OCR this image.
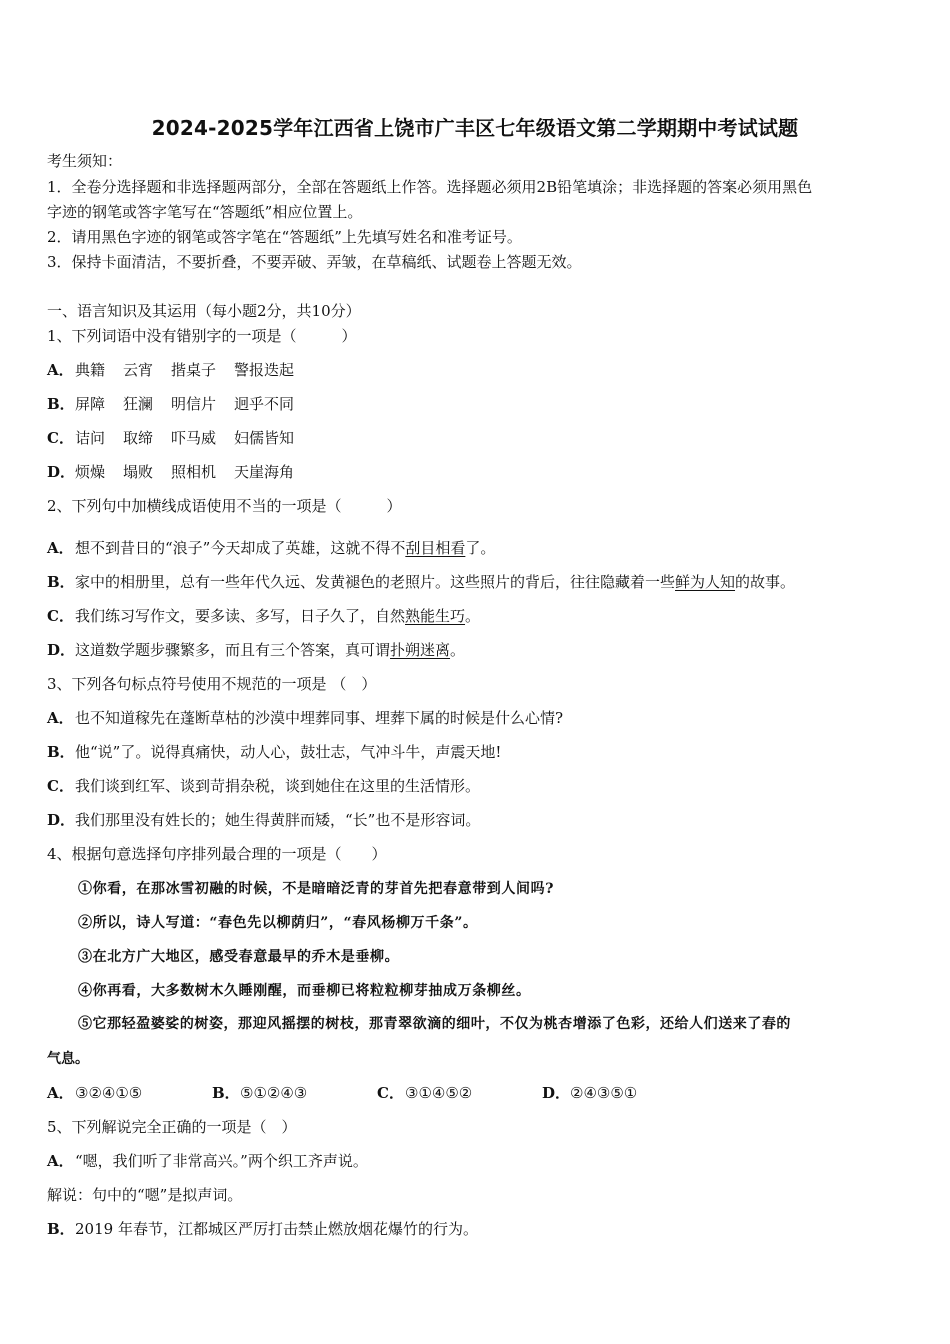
2024-2025学年江西省上饶市广丰区七年级语文第二学期期中考试试题
考生须知：
1．全卷分选择题和非选择题两部分，全部在答题纸上作答。选择题必须用2B铅笔填涂；非选择题的答案必须用黑色
字迹的钢笔或答字笔写在“答题纸”相应位置上。
2．请用黑色字迹的钢笔或答字笔在“答题纸”上先填写姓名和准考证号。
3．保持卡面清洁，不要折叠，不要弄破、弄皱，在草稿纸、试题卷上答题无效。
一、语言知识及其运用（每小题2分，共10分）
1、下列词语中没有错别字的一项是（　　　）
A．典籍 云宵 揩桌子 警报迭起
B．屏障 狂澜 明信片 迥乎不同
C．诘问 取缔 吓马威 妇儒皆知
D．烦燥 塌败 照相机 天崖海角
2、下列句中加横线成语使用不当的一项是（　　　）
A．想不到昔日的“浪子”今天却成了英雄，这就不得不刮目相看了。
B．家中的相册里，总有一些年代久远、发黄褪色的老照片。这些照片的背后，往往隐藏着一些鲜为人知的故事。
C．我们练习写作文，要多读、多写，日子久了，自然熟能生巧。
D．这道数学题步骤繁多，而且有三个答案，真可谓扑朔迷离。
3、下列各句标点符号使用不规范的一项是 （　）
A．也不知道稼先在蓬断草枯的沙漠中埋葬同事、埋葬下属的时候是什么心情?
B．他“说”了。说得真痛快，动人心，鼓壮志，气冲斗牛，声震天地!
C．我们谈到红军、谈到苛捐杂税，谈到她住在这里的生活情形。
D．我们那里没有姓长的；她生得黄胖而矮，“长”也不是形容词。
4、根据句意选择句序排列最合理的一项是（　　）
①你看，在那冰雪初融的时候，不是暗暗泛青的芽首先把春意带到人间吗?
②所以，诗人写道：“春色先以柳荫归”，“春风杨柳万千条”。
③在北方广大地区，感受春意最早的乔木是垂柳。
④你再看，大多数树木久睡刚醒，而垂柳已将粒粒柳芽抽成万条柳丝。
⑤它那轻盈婆娑的树姿，那迎风摇摆的树枝，那青翠欲滴的细叶，不仅为桃杏增添了色彩，还给人们送来了春的
气息。
A．③②④①⑤	B．⑤①②④③	C．③①④⑤②	D．②④③⑤①
5、下列解说完全正确的一项是（　）
A．“嗯，我们听了非常高兴。”两个织工齐声说。
解说：句中的“嗯”是拟声词。
B．2019 年春节，江都城区严厉打击禁止燃放烟花爆竹的行为。
